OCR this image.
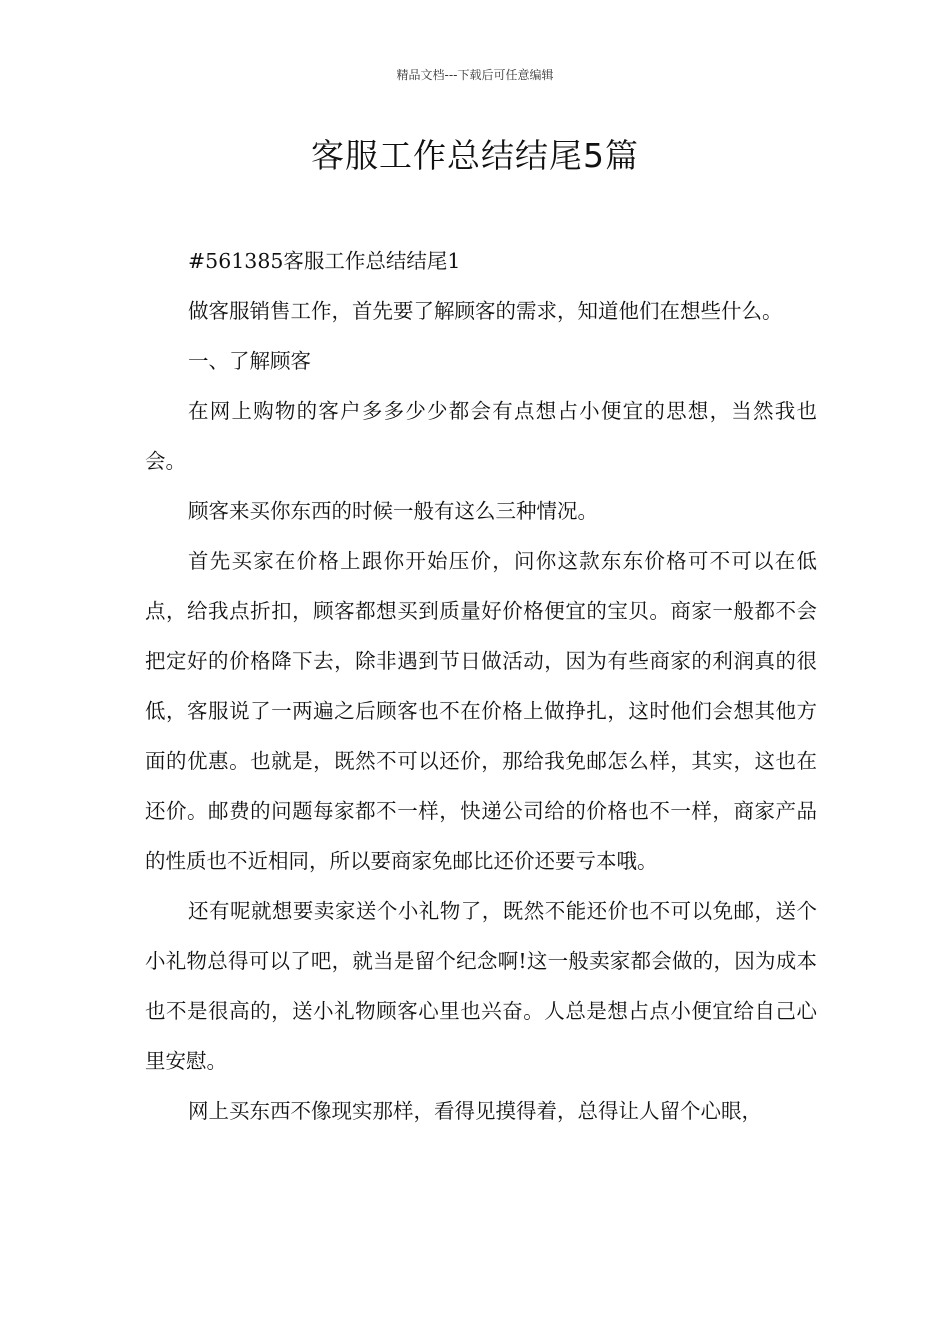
精品文档---下载后可任意编辑
客服工作总结结尾5篇

#561385客服工作总结结尾1

做客服销售工作，首先要了解顾客的需求，知道他们在想些什么。

一、了解顾客

在网上购物的客户多多少少都会有点想占小便宜的思想，当然我也会。

顾客来买你东西的时候一般有这么三种情况。

首先买家在价格上跟你开始压价，问你这款东东价格可不可以在低点，给我点折扣，顾客都想买到质量好价格便宜的宝贝。商家一般都不会把定好的价格降下去，除非遇到节日做活动，因为有些商家的利润真的很低，客服说了一两遍之后顾客也不在价格上做挣扎，这时他们会想其他方面的优惠。也就是，既然不可以还价，那给我免邮怎么样，其实，这也在还价。邮费的问题每家都不一样，快递公司给的价格也不一样，商家产品的性质也不近相同，所以要商家免邮比还价还要亏本哦。

还有呢就想要卖家送个小礼物了，既然不能还价也不可以免邮，送个小礼物总得可以了吧，就当是留个纪念啊!这一般卖家都会做的，因为成本也不是很高的，送小礼物顾客心里也兴奋。人总是想占点小便宜给自己心里安慰。

网上买东西不像现实那样，看得见摸得着，总得让人留个心眼，
